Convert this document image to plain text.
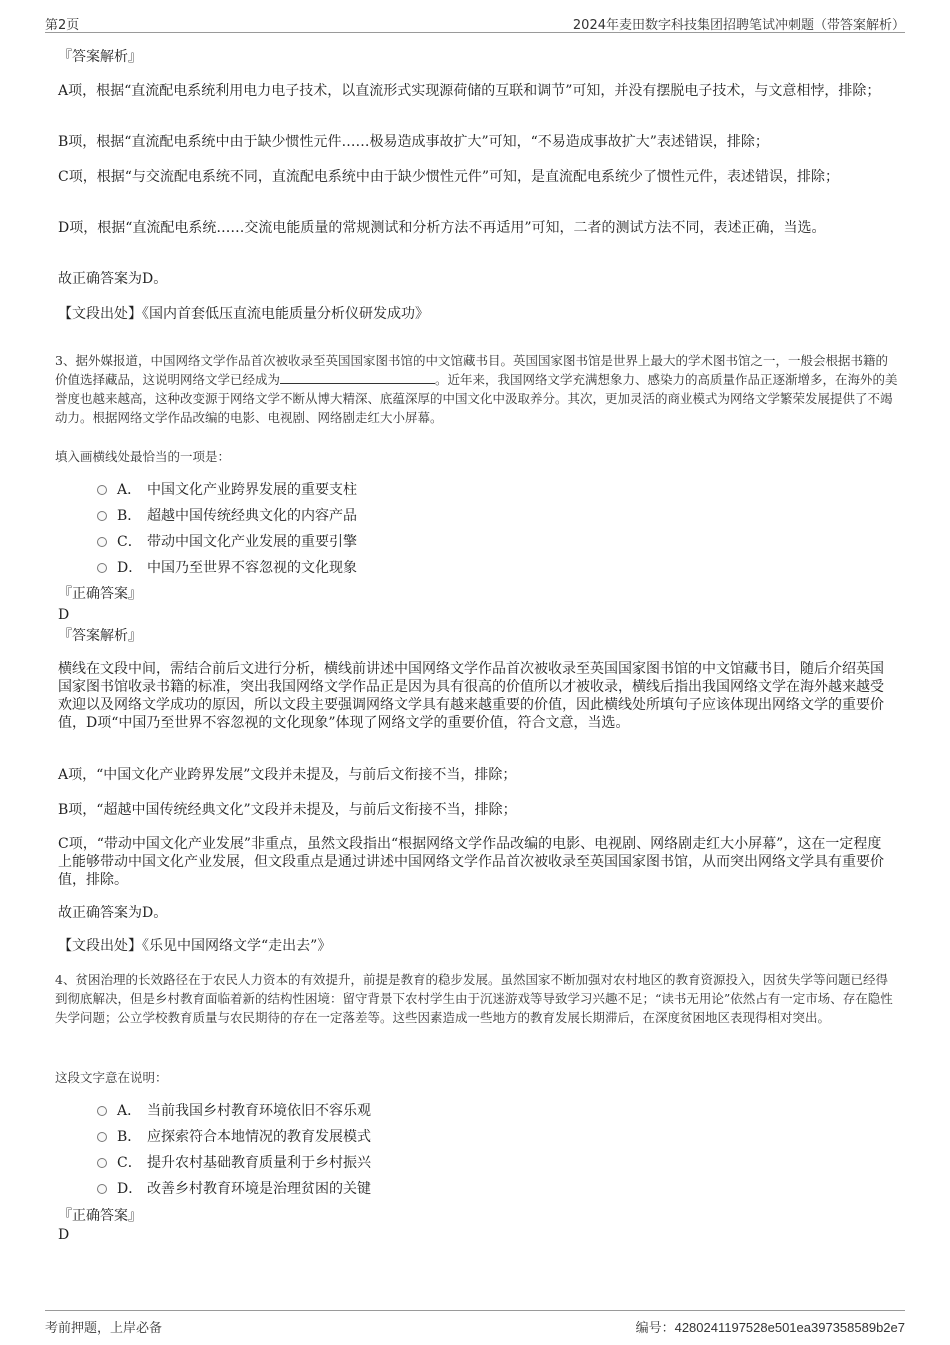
第2页	2024年麦田数字科技集团招聘笔试冲刺题（带答案解析）
『答案解析』
A项，根据“直流配电系统利用电力电子技术，以直流形式实现源荷储的互联和调节”可知，并没有摆脱电子技术，与文意相悖，排除；
B项，根据“直流配电系统中由于缺少惯性元件……极易造成事故扩大”可知，“不易造成事故扩大”表述错误，排除；
C项，根据“与交流配电系统不同，直流配电系统中由于缺少惯性元件”可知，是直流配电系统少了惯性元件，表述错误，排除；
D项，根据“直流配电系统……交流电能质量的常规测试和分析方法不再适用”可知，二者的测试方法不同，表述正确，当选。
故正确答案为D。
【文段出处】《国内首套低压直流电能质量分析仪研发成功》
3、据外媒报道，中国网络文学作品首次被收录至英国国家图书馆的中文馆藏书目。英国国家图书馆是世界上最大的学术图书馆之一，一般会根据书籍的价值选择藏品，这说明网络文学已经成为	。近年来，我国网络文学充满想象力、感染力的高质量作品正逐渐增多，在海外的美誉度也越来越高，这种改变源于网络文学不断从博大精深、底蕴深厚的中国文化中汲取养分。其次，更加灵活的商业模式为网络文学繁荣发展提供了不竭动力。根据网络文学作品改编的电影、电视剧、网络剧走红大小屏幕。
填入画横线处最恰当的一项是：
A． 中国文化产业跨界发展的重要支柱
B． 超越中国传统经典文化的内容产品
C． 带动中国文化产业发展的重要引擎
D． 中国乃至世界不容忽视的文化现象
『正确答案』
D
『答案解析』
横线在文段中间，需结合前后文进行分析，横线前讲述中国网络文学作品首次被收录至英国国家图书馆的中文馆藏书目，随后介绍英国国家图书馆收录书籍的标准，突出我国网络文学作品正是因为具有很高的价值所以才被收录，横线后指出我国网络文学在海外越来越受欢迎以及网络文学成功的原因，所以文段主要强调网络文学具有越来越重要的价值，因此横线处所填句子应该体现出网络文学的重要价值，D项“中国乃至世界不容忽视的文化现象”体现了网络文学的重要价值，符合文意，当选。
A项，“中国文化产业跨界发展”文段并未提及，与前后文衔接不当，排除；
B项，“超越中国传统经典文化”文段并未提及，与前后文衔接不当，排除；
C项，“带动中国文化产业发展”非重点，虽然文段指出“根据网络文学作品改编的电影、电视剧、网络剧走红大小屏幕”，这在一定程度上能够带动中国文化产业发展，但文段重点是通过讲述中国网络文学作品首次被收录至英国国家图书馆，从而突出网络文学具有重要价值，排除。
故正确答案为D。
【文段出处】《乐见中国网络文学“走出去”》
4、贫困治理的长效路径在于农民人力资本的有效提升，前提是教育的稳步发展。虽然国家不断加强对农村地区的教育资源投入，因贫失学等问题已经得到彻底解决，但是乡村教育面临着新的结构性困境：留守背景下农村学生由于沉迷游戏等导致学习兴趣不足；“读书无用论”依然占有一定市场、存在隐性失学问题；公立学校教育质量与农民期待的存在一定落差等。这些因素造成一些地方的教育发展长期滞后，在深度贫困地区表现得相对突出。
这段文字意在说明：
A． 当前我国乡村教育环境依旧不容乐观
B． 应探索符合本地情况的教育发展模式
C． 提升农村基础教育质量利于乡村振兴
D． 改善乡村教育环境是治理贫困的关键
『正确答案』
D
考前押题，上岸必备	编号：4280241197528e501ea397358589b2e7
